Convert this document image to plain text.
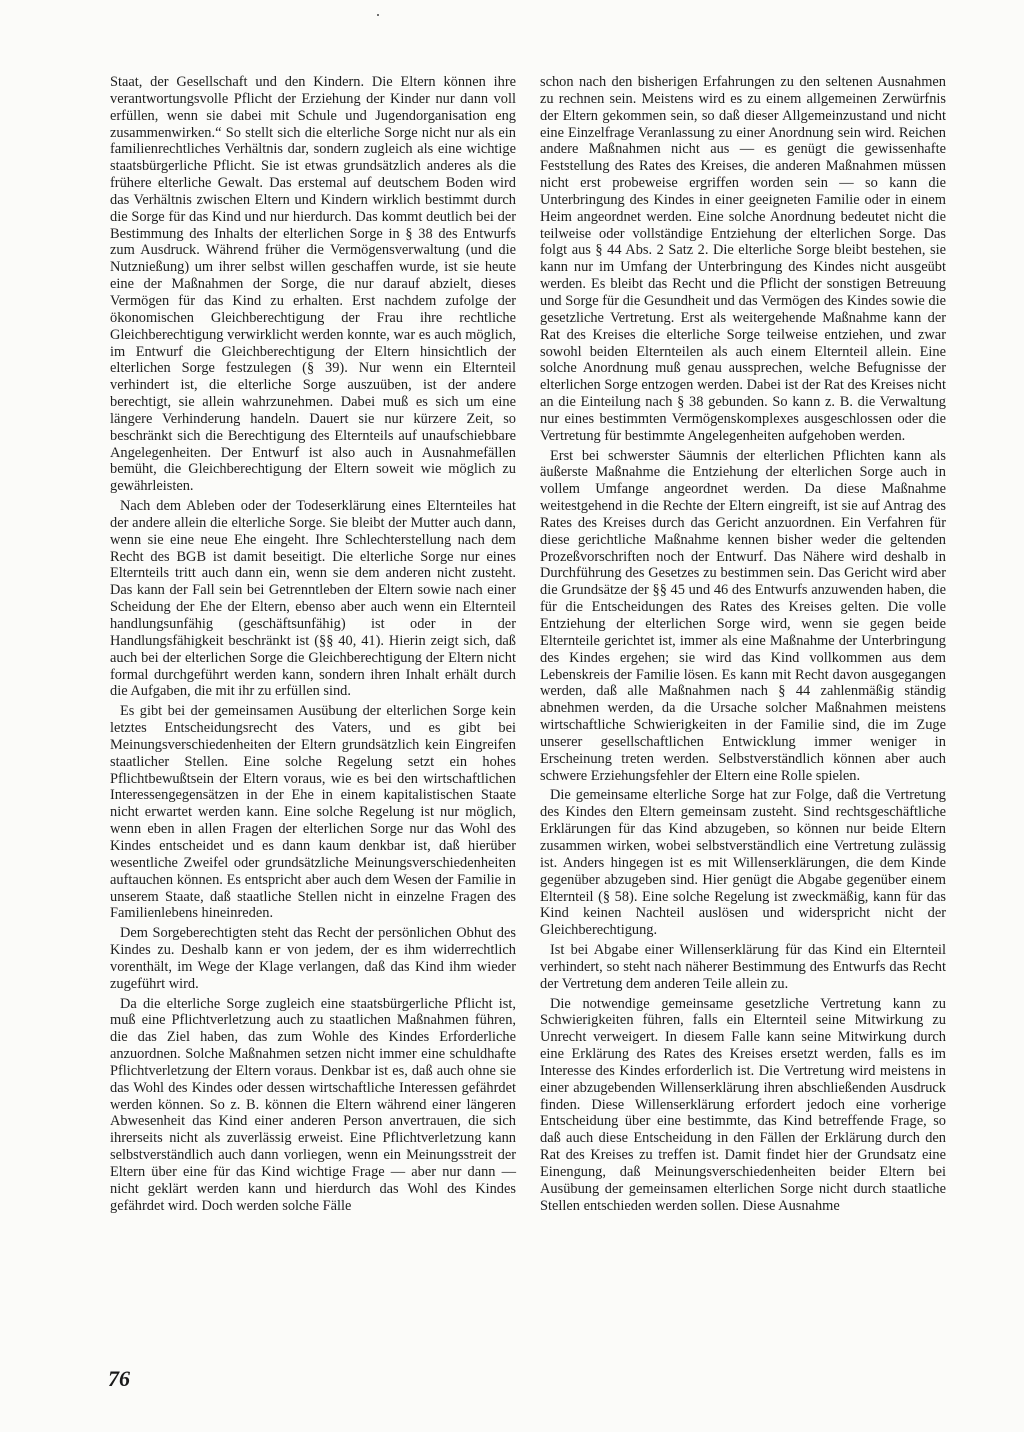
Staat, der Gesellschaft und den Kindern. Die Eltern können ihre verantwortungsvolle Pflicht der Erziehung der Kinder nur dann voll erfüllen, wenn sie dabei mit Schule und Jugendorganisation eng zusammenwirken.“ So stellt sich die elterliche Sorge nicht nur als ein familienrechtliches Verhältnis dar, sondern zugleich als eine wichtige staatsbürgerliche Pflicht. Sie ist etwas grundsätzlich anderes als die frühere elterliche Gewalt. Das erstemal auf deutschem Boden wird das Verhältnis zwischen Eltern und Kindern wirklich bestimmt durch die Sorge für das Kind und nur hierdurch. Das kommt deutlich bei der Bestimmung des Inhalts der elterlichen Sorge in § 38 des Entwurfs zum Ausdruck. Während früher die Vermögensverwaltung (und die Nutznießung) um ihrer selbst willen geschaffen wurde, ist sie heute eine der Maßnahmen der Sorge, die nur darauf abzielt, dieses Vermögen für das Kind zu erhalten. Erst nachdem zufolge der ökonomischen Gleichberechtigung der Frau ihre rechtliche Gleichberechtigung verwirklicht werden konnte, war es auch möglich, im Entwurf die Gleichberechtigung der Eltern hinsichtlich der elterlichen Sorge festzulegen (§ 39). Nur wenn ein Elternteil verhindert ist, die elterliche Sorge auszuüben, ist der andere berechtigt, sie allein wahrzunehmen. Dabei muß es sich um eine längere Verhinderung handeln. Dauert sie nur kürzere Zeit, so beschränkt sich die Berechtigung des Elternteils auf unaufschiebbare Angelegenheiten. Der Entwurf ist also auch in Ausnahmefällen bemüht, die Gleichberechtigung der Eltern soweit wie möglich zu gewährleisten.

Nach dem Ableben oder der Todeserklärung eines Elternteiles hat der andere allein die elterliche Sorge. Sie bleibt der Mutter auch dann, wenn sie eine neue Ehe eingeht. Ihre Schlechterstellung nach dem Recht des BGB ist damit beseitigt. Die elterliche Sorge nur eines Elternteils tritt auch dann ein, wenn sie dem anderen nicht zusteht. Das kann der Fall sein bei Getrenntleben der Eltern sowie nach einer Scheidung der Ehe der Eltern, ebenso aber auch wenn ein Elternteil handlungsunfähig (geschäftsunfähig) ist oder in der Handlungsfähigkeit beschränkt ist (§§ 40, 41). Hierin zeigt sich, daß auch bei der elterlichen Sorge die Gleichberechtigung der Eltern nicht formal durchgeführt werden kann, sondern ihren Inhalt erhält durch die Aufgaben, die mit ihr zu erfüllen sind.

Es gibt bei der gemeinsamen Ausübung der elterlichen Sorge kein letztes Entscheidungsrecht des Vaters, und es gibt bei Meinungsverschiedenheiten der Eltern grundsätzlich kein Eingreifen staatlicher Stellen. Eine solche Regelung setzt ein hohes Pflichtbewußtsein der Eltern voraus, wie es bei den wirtschaftlichen Interessengegensätzen in der Ehe in einem kapitalistischen Staate nicht erwartet werden kann. Eine solche Regelung ist nur möglich, wenn eben in allen Fragen der elterlichen Sorge nur das Wohl des Kindes entscheidet und es dann kaum denkbar ist, daß hierüber wesentliche Zweifel oder grundsätzliche Meinungsverschiedenheiten auftauchen können. Es entspricht aber auch dem Wesen der Familie in unserem Staate, daß staatliche Stellen nicht in einzelne Fragen des Familienlebens hineinreden.

Dem Sorgeberechtigten steht das Recht der persönlichen Obhut des Kindes zu. Deshalb kann er von jedem, der es ihm widerrechtlich vorenthält, im Wege der Klage verlangen, daß das Kind ihm wieder zugeführt wird.

Da die elterliche Sorge zugleich eine staatsbürgerliche Pflicht ist, muß eine Pflichtverletzung auch zu staatlichen Maßnahmen führen, die das Ziel haben, das zum Wohle des Kindes Erforderliche anzuordnen. Solche Maßnahmen setzen nicht immer eine schuldhafte Pflichtverletzung der Eltern voraus. Denkbar ist es, daß auch ohne sie das Wohl des Kindes oder dessen wirtschaftliche Interessen gefährdet werden können. So z. B. können die Eltern während einer längeren Abwesenheit das Kind einer anderen Person anvertrauen, die sich ihrerseits nicht als zuverlässig erweist. Eine Pflichtverletzung kann selbstverständlich auch dann vorliegen, wenn ein Meinungsstreit der Eltern über eine für das Kind wichtige Frage — aber nur dann — nicht geklärt werden kann und hierdurch das Wohl des Kindes gefährdet wird. Doch werden solche Fälle

schon nach den bisherigen Erfahrungen zu den seltenen Ausnahmen zu rechnen sein. Meistens wird es zu einem allgemeinen Zerwürfnis der Eltern gekommen sein, so daß dieser Allgemeinzustand und nicht eine Einzelfrage Veranlassung zu einer Anordnung sein wird. Reichen andere Maßnahmen nicht aus — es genügt die gewissenhafte Feststellung des Rates des Kreises, die anderen Maßnahmen müssen nicht erst probeweise ergriffen worden sein — so kann die Unterbringung des Kindes in einer geeigneten Familie oder in einem Heim angeordnet werden. Eine solche Anordnung bedeutet nicht die teilweise oder vollständige Entziehung der elterlichen Sorge. Das folgt aus § 44 Abs. 2 Satz 2. Die elterliche Sorge bleibt bestehen, sie kann nur im Umfang der Unterbringung des Kindes nicht ausgeübt werden. Es bleibt das Recht und die Pflicht der sonstigen Betreuung und Sorge für die Gesundheit und das Vermögen des Kindes sowie die gesetzliche Vertretung. Erst als weitergehende Maßnahme kann der Rat des Kreises die elterliche Sorge teilweise entziehen, und zwar sowohl beiden Elternteilen als auch einem Elternteil allein. Eine solche Anordnung muß genau aussprechen, welche Befugnisse der elterlichen Sorge entzogen werden. Dabei ist der Rat des Kreises nicht an die Einteilung nach § 38 gebunden. So kann z. B. die Verwaltung nur eines bestimmten Vermögenskomplexes ausgeschlossen oder die Vertretung für bestimmte Angelegenheiten aufgehoben werden.

Erst bei schwerster Säumnis der elterlichen Pflichten kann als äußerste Maßnahme die Entziehung der elterlichen Sorge auch in vollem Umfange angeordnet werden. Da diese Maßnahme weitestgehend in die Rechte der Eltern eingreift, ist sie auf Antrag des Rates des Kreises durch das Gericht anzuordnen. Ein Verfahren für diese gerichtliche Maßnahme kennen bisher weder die geltenden Prozeßvorschriften noch der Entwurf. Das Nähere wird deshalb in Durchführung des Gesetzes zu bestimmen sein. Das Gericht wird aber die Grundsätze der §§ 45 und 46 des Entwurfs anzuwenden haben, die für die Entscheidungen des Rates des Kreises gelten. Die volle Entziehung der elterlichen Sorge wird, wenn sie gegen beide Elternteile gerichtet ist, immer als eine Maßnahme der Unterbringung des Kindes ergehen; sie wird das Kind vollkommen aus dem Lebenskreis der Familie lösen. Es kann mit Recht davon ausgegangen werden, daß alle Maßnahmen nach § 44 zahlenmäßig ständig abnehmen werden, da die Ursache solcher Maßnahmen meistens wirtschaftliche Schwierigkeiten in der Familie sind, die im Zuge unserer gesellschaftlichen Entwicklung immer weniger in Erscheinung treten werden. Selbstverständlich können aber auch schwere Erziehungsfehler der Eltern eine Rolle spielen.

Die gemeinsame elterliche Sorge hat zur Folge, daß die Vertretung des Kindes den Eltern gemeinsam zusteht. Sind rechtsgeschäftliche Erklärungen für das Kind abzugeben, so können nur beide Eltern zusammen wirken, wobei selbstverständlich eine Vertretung zulässig ist. Anders hingegen ist es mit Willenserklärungen, die dem Kinde gegenüber abzugeben sind. Hier genügt die Abgabe gegenüber einem Elternteil (§ 58). Eine solche Regelung ist zweckmäßig, kann für das Kind keinen Nachteil auslösen und widerspricht nicht der Gleichberechtigung.

Ist bei Abgabe einer Willenserklärung für das Kind ein Elternteil verhindert, so steht nach näherer Bestimmung des Entwurfs das Recht der Vertretung dem anderen Teile allein zu.

Die notwendige gemeinsame gesetzliche Vertretung kann zu Schwierigkeiten führen, falls ein Elternteil seine Mitwirkung zu Unrecht verweigert. In diesem Falle kann seine Mitwirkung durch eine Erklärung des Rates des Kreises ersetzt werden, falls es im Interesse des Kindes erforderlich ist. Die Vertretung wird meistens in einer abzugebenden Willenserklärung ihren abschließenden Ausdruck finden. Diese Willenserklärung erfordert jedoch eine vorherige Entscheidung über eine bestimmte, das Kind betreffende Frage, so daß auch diese Entscheidung in den Fällen der Erklärung durch den Rat des Kreises zu treffen ist. Damit findet hier der Grundsatz eine Einengung, daß Meinungsverschiedenheiten beider Eltern bei Ausübung der gemeinsamen elterlichen Sorge nicht durch staatliche Stellen entschieden werden sollen. Diese Ausnahme

76
